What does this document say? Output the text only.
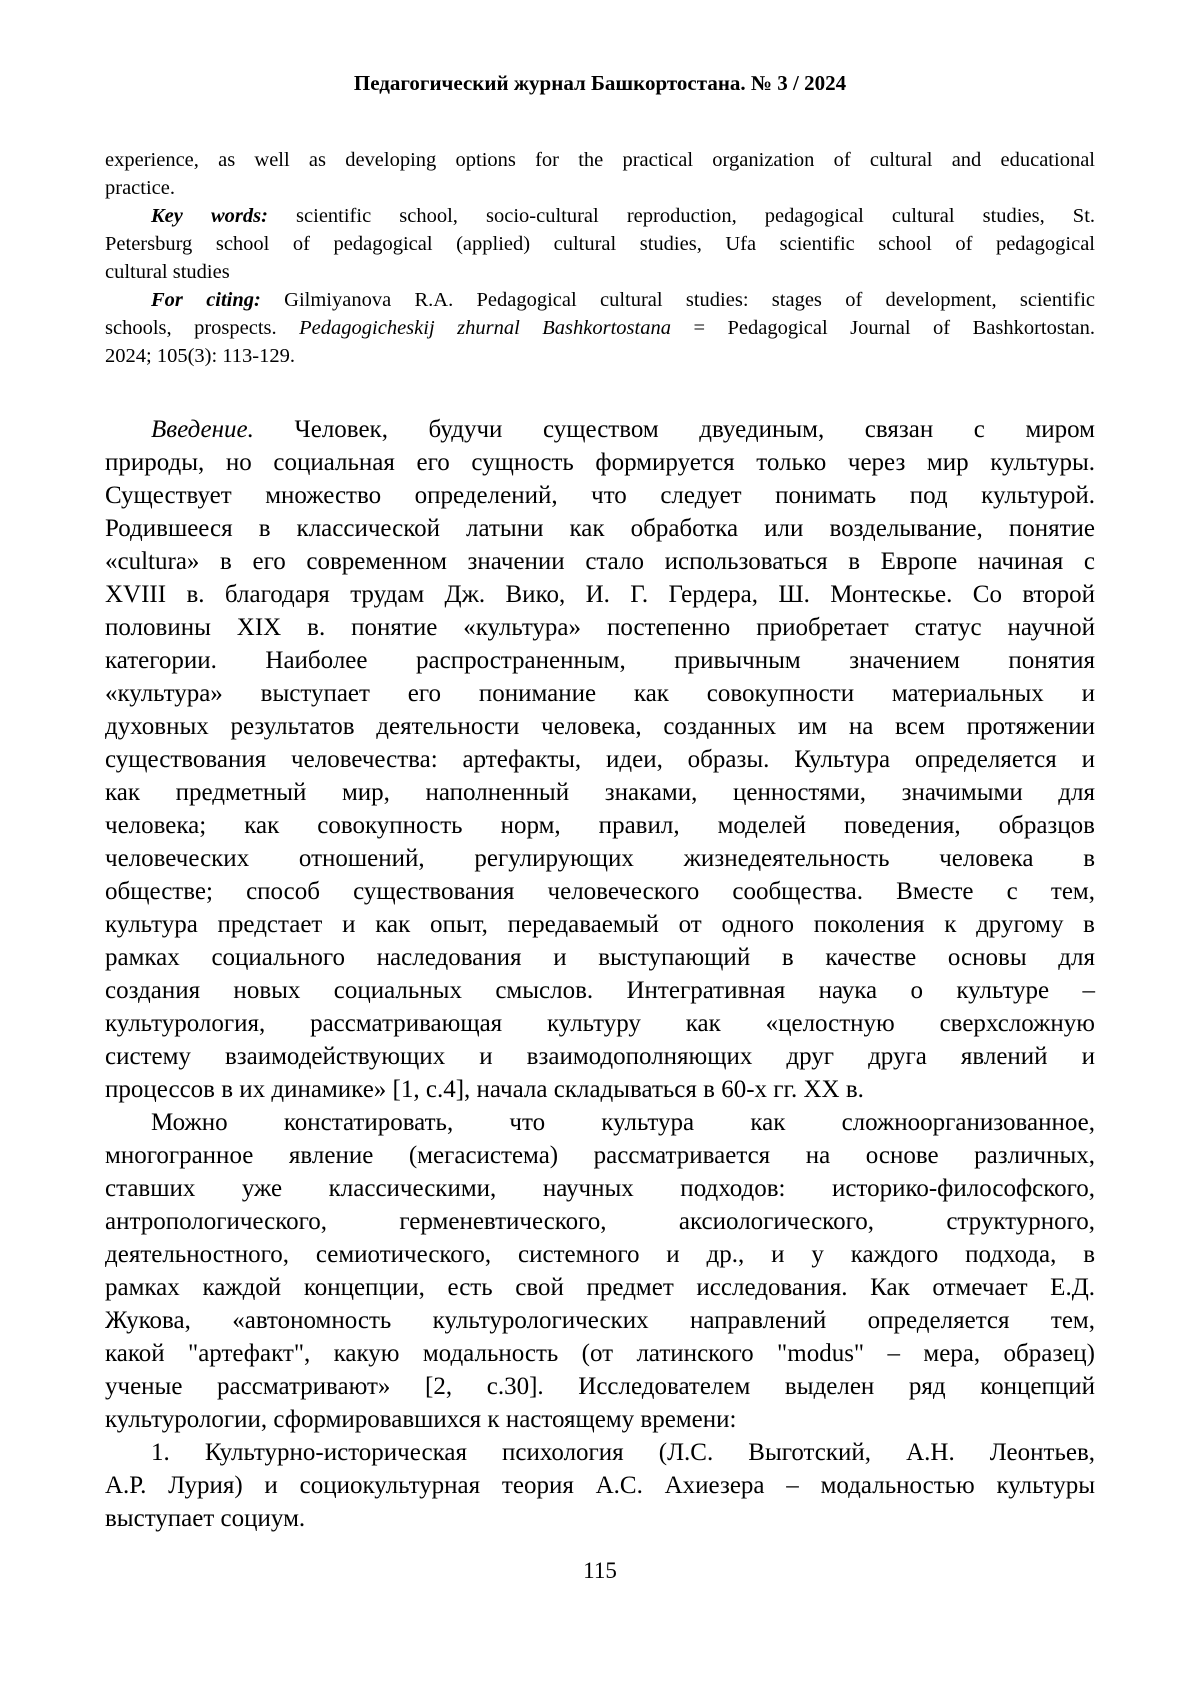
Педагогический журнал Башкортостана. № 3 / 2024
experience, as well as developing options for the practical organization of cultural and educational
practice.
Key words: scientific school, socio-cultural reproduction, pedagogical cultural studies, St.
Petersburg school of pedagogical (applied) cultural studies, Ufa scientific school of pedagogical
cultural studies
For citing: Gilmiyanova R.A. Pedagogical cultural studies: stages of development, scientific
schools, prospects. Pedagogicheskij zhurnal Bashkortostana = Pedagogical Journal of Bashkortostan.
2024; 105(3): 113-129.
Введение. Человек, будучи существом двуединым, связан с миром
природы, но социальная его сущность формируется только через мир культуры.
Существует множество определений, что следует понимать под культурой.
Родившееся в классической латыни как обработка или возделывание, понятие
«cultura» в его современном значении стало использоваться в Европе начиная с
XVIII в. благодаря трудам Дж. Вико, И. Г. Гердера, Ш. Монтескье. Со второй
половины XIX в. понятие «культура» постепенно приобретает статус научной
категории. Наиболее распространенным, привычным значением понятия
«культура» выступает его понимание как совокупности материальных и
духовных результатов деятельности человека, созданных им на всем протяжении
существования человечества: артефакты, идеи, образы. Культура определяется и
как предметный мир, наполненный знаками, ценностями, значимыми для
человека; как совокупность норм, правил, моделей поведения, образцов
человеческих отношений, регулирующих жизнедеятельность человека в
обществе; способ существования человеческого сообщества. Вместе с тем,
культура предстает и как опыт, передаваемый от одного поколения к другому в
рамках социального наследования и выступающий в качестве основы для
создания новых социальных смыслов. Интегративная наука о культуре –
культурология, рассматривающая культуру как «целостную сверхсложную
систему взаимодействующих и взаимодополняющих друг друга явлений и
процессов в их динамике» [1, с.4], начала складываться в 60-х гг. XX в.
Можно констатировать, что культура как сложноорганизованное,
многогранное явление (мегасистема) рассматривается на основе различных,
ставших уже классическими, научных подходов: историко-философского,
антропологического, герменевтического, аксиологического, структурного,
деятельностного, семиотического, системного и др., и у каждого подхода, в
рамках каждой концепции, есть свой предмет исследования. Как отмечает Е.Д.
Жукова, «автономность культурологических направлений определяется тем,
какой "артефакт", какую модальность (от латинского "modus" – мера, образец)
ученые рассматривают» [2, с.30]. Исследователем выделен ряд концепций
культурологии, сформировавшихся к настоящему времени:
1. Культурно-историческая психология (Л.С. Выготский, А.Н. Леонтьев,
А.Р. Лурия) и социокультурная теория А.С. Ахиезера – модальностью культуры
выступает социум.
115
